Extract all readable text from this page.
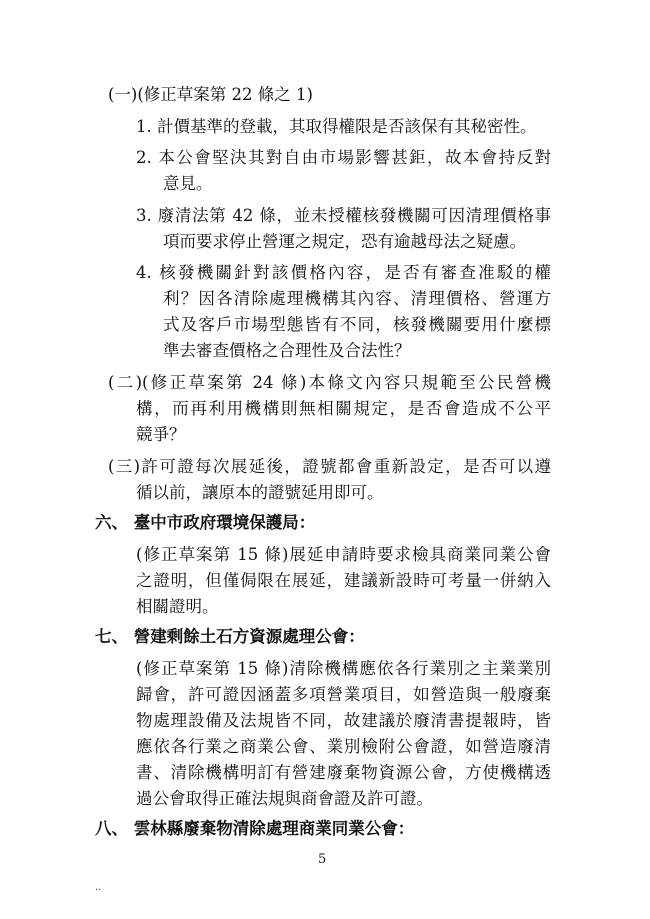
(一)(修正草案第 22 條之 1)
1. 計價基準的登載，其取得權限是否該保有其秘密性。
2. 本公會堅決其對自由市場影響甚鉅，故本會持反對
意見。
3. 廢清法第 42 條，並未授權核發機關可因清理價格事
項而要求停止營運之規定，恐有逾越母法之疑慮。
4. 核發機關針對該價格內容，是否有審查准駁的權
利？因各清除處理機構其內容、清理價格、營運方
式及客戶市場型態皆有不同，核發機關要用什麼標
準去審查價格之合理性及合法性？
(二)(修正草案第 24 條)本條文內容只規範至公民營機
構，而再利用機構則無相關規定，是否會造成不公平
競爭？
(三)許可證每次展延後，證號都會重新設定，是否可以遵
循以前，讓原本的證號延用即可。
六、 臺中市政府環境保護局：
(修正草案第 15 條)展延申請時要求檢具商業同業公會
之證明，但僅侷限在展延，建議新設時可考量一併納入
相關證明。
七、 營建剩餘土石方資源處理公會：
(修正草案第 15 條)清除機構應依各行業別之主業業別
歸會，許可證因涵蓋多項營業項目，如營造與一般廢棄
物處理設備及法規皆不同，故建議於廢清書提報時，皆
應依各行業之商業公會、業別檢附公會證，如營造廢清
書、清除機構明訂有營建廢棄物資源公會，方使機構透
過公會取得正確法規與商會證及許可證。
八、 雲林縣廢棄物清除處理商業同業公會：
5
..
